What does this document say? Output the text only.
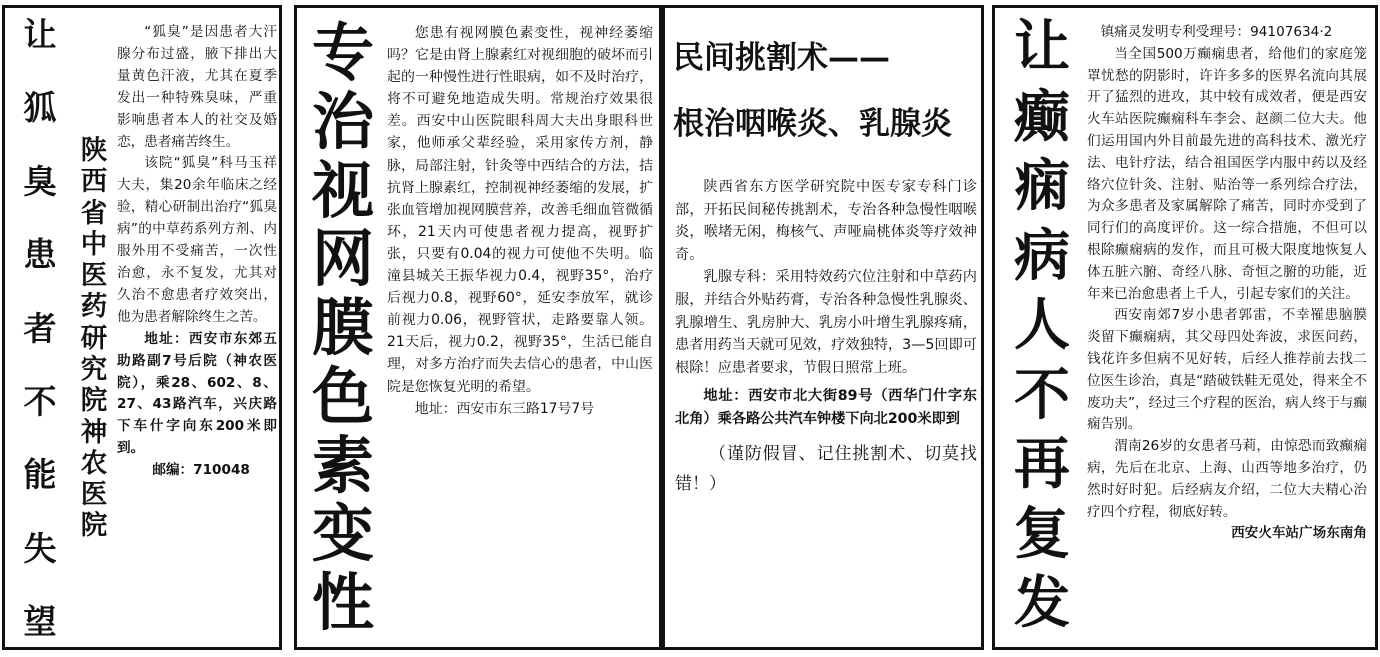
让
狐
臭
患
者
不
能
失
望
陕
西
省
中
医
药
研
究
院
神
农
医
院

“狐臭”是因患者大汗腺分布过盛，腋下排出大量黄色汗液，尤其在夏季发出一种特殊臭味，严重影响患者本人的社交及婚恋，患者痛苦终生。

该院“狐臭”科马玉祥大夫，集20余年临床之经验，精心研制出治疗“狐臭病”的中草药系列方剂、内服外用不受痛苦，一次性治愈，永不复发，尤其对久治不愈患者疗效突出，他为患者解除终生之苦。

地址：西安市东郊五助路副7号后院（神农医院），乘28、602、8、27、43路汽车，兴庆路下车什字向东200米即到。

邮编：710048

专
治
视
网
膜
色
素
变
性

您患有视网膜色素变性，视神经萎缩吗？它是由肾上腺素红对视细胞的破坏而引起的一种慢性进行性眼病，如不及时治疗，将不可避免地造成失明。常规治疗效果很差。西安中山医院眼科周大夫出身眼科世家，他师承父辈经验，采用家传方剂，静脉，局部注射，针灸等中西结合的方法，拮抗肾上腺素红，控制视神经萎缩的发展，扩张血管增加视网膜营养，改善毛细血管微循环，21天内可使患者视力提高，视野扩张，只要有0.04的视力可使他不失明。临潼县城关王振华视力0.4，视野35°，治疗后视力0.8，视野60°，延安李放军，就诊前视力0.06，视野管状，走路要靠人领。21天后，视力0.2，视野35°，生活已能自理，对多方治疗而失去信心的患者，中山医院是您恢复光明的希望。

地址：西安市东三路17号7号

民间挑割术——
根治咽喉炎、乳腺炎

陕西省东方医学研究院中医专家专科门诊部，开拓民间秘传挑割术，专治各种急慢性咽喉炎，喉堵无闲，梅核气、声哑扁桃体炎等疗效神奇。

乳腺专科：采用特效药穴位注射和中草药内服，并结合外贴药膏，专治各种急慢性乳腺炎、乳腺增生、乳房肿大、乳房小叶增生乳腺疼痛，患者用药当天就可见效，疗效独特，3—5回即可根除！应患者要求，节假日照常上班。

地址：西安市北大街89号（西华门什字东北角）乘各路公共汽车钟楼下向北200米即到

（谨防假冒、记住挑割术、切莫找错！）

让
癫
痫
病
人
不
再
复
发

镇痛灵发明专利受理号：94107634·2

当全国500万癫痫患者，给他们的家庭笼罩忧愁的阴影时，许许多多的医界名流向其展开了猛烈的进攻，其中较有成效者，便是西安火车站医院癫痫科车李会、赵颜二位大夫。他们运用国内外目前最先进的高科技术、激光疗法、电针疗法，结合祖国医学内服中药以及经络穴位针灸、注射、贴治等一系列综合疗法，为众多患者及家属解除了痛苦，同时亦受到了同行们的高度评价。这一综合措施，不但可以根除癫痫病的发作，而且可极大限度地恢复人体五脏六腑、奇经八脉、奇恒之腑的功能，近年来已治愈患者上千人，引起专家们的关注。

西安南郊7岁小患者郭雷，不幸罹患脑膜炎留下癫痫病，其父母四处奔波，求医问药，钱花许多但病不见好转，后经人推荐前去找二位医生诊治，真是“踏破铁鞋无觅处，得来全不废功夫”，经过三个疗程的医治，病人终于与癫痫告别。

渭南26岁的女患者马莉，由惊恐而致癫痫病，先后在北京、上海、山西等地多治疗，仍然时好时犯。后经病友介绍，二位大夫精心治疗四个疗程，彻底好转。

西安火车站广场东南角
